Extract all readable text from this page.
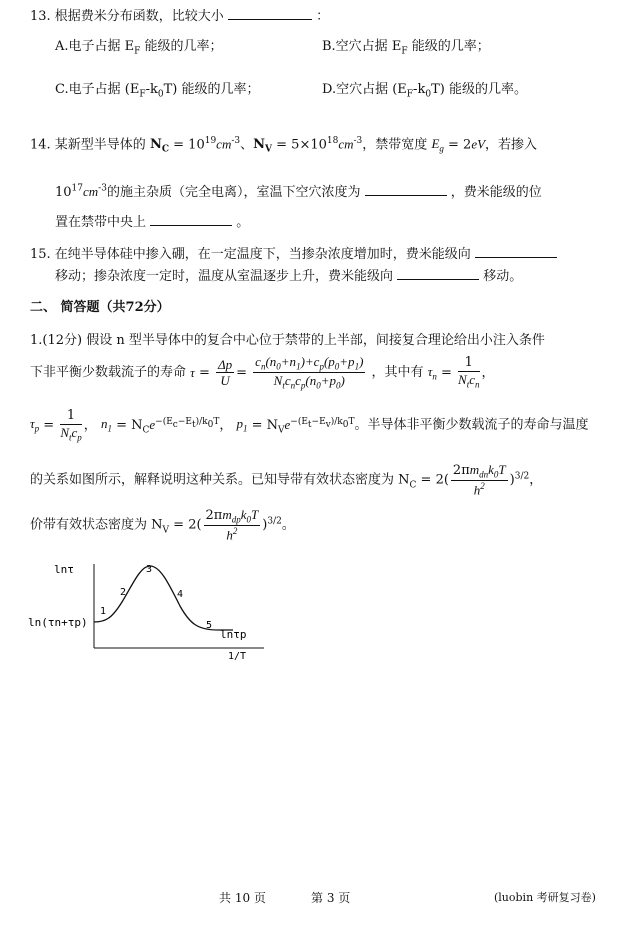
13. 根据费米分布函数，比较大小	：
A.电子占据 $E_F$ 能级的几率；	B.空穴占据 $E_F$ 能级的几率；
C.电子占据 $(E_F-k_0T)$ 能级的几率；	D.空穴占据 $(E_F-k_0T)$ 能级的几率。
14. 某新型半导体的 $N_C = 10^{19}cm^{-3}$、$N_V = 5\times 10^{18}cm^{-3}$，禁带宽度 $E_g = 2eV$，若掺入
$10^{17}cm^{-3}$的施主杂质（完全电离），室温下空穴浓度为	，费米能级的位
置在禁带中央上	。
15. 在纯半导体硅中掺入硼，在一定温度下，当掺杂浓度增加时，费米能级向
移动；掺杂浓度一定时，温度从室温逐步上升，费米能级向	移动。
二、 简答题（共72分）
1.(12分) 假设 n 型半导体中的复合中心位于禁带的上半部，间接复合理论给出小注入条件
下非平衡少数载流子的寿命 $\tau = \frac{\Delta p}{U} = \frac{c_n(n_0+n_1)+c_p(p_0+p_1)}{N_tc_nc_p(n_0+p_0)}$ ，其中有 $\tau_n = \frac{1}{N_tc_n}$ ，
$\tau_p = \frac{1}{N_tc_p}$ ， $n_1 = N_Ce^{-(E_c-E_t)/k_0T}$， $p_1 = N_Ve^{-(E_t-E_v)/k_0T}$。半导体非平衡少数载流子的寿命与温度
的关系如图所示，解释说明这种关系。已知导带有效状态密度为 $N_C = 2( \frac{2\pi m_{dn}k_0T}{h^2} )^{3/2}$，
价带有效状态密度为 $N_V = 2( \frac{2\pi m_{dp}k_0T}{h^2} )^{3/2}$。
lnτ
ln(τn+τp)
lnτp
1/T
1
2
3
4
5
共 10 页	第 3 页	(luobin 考研复习卷)
